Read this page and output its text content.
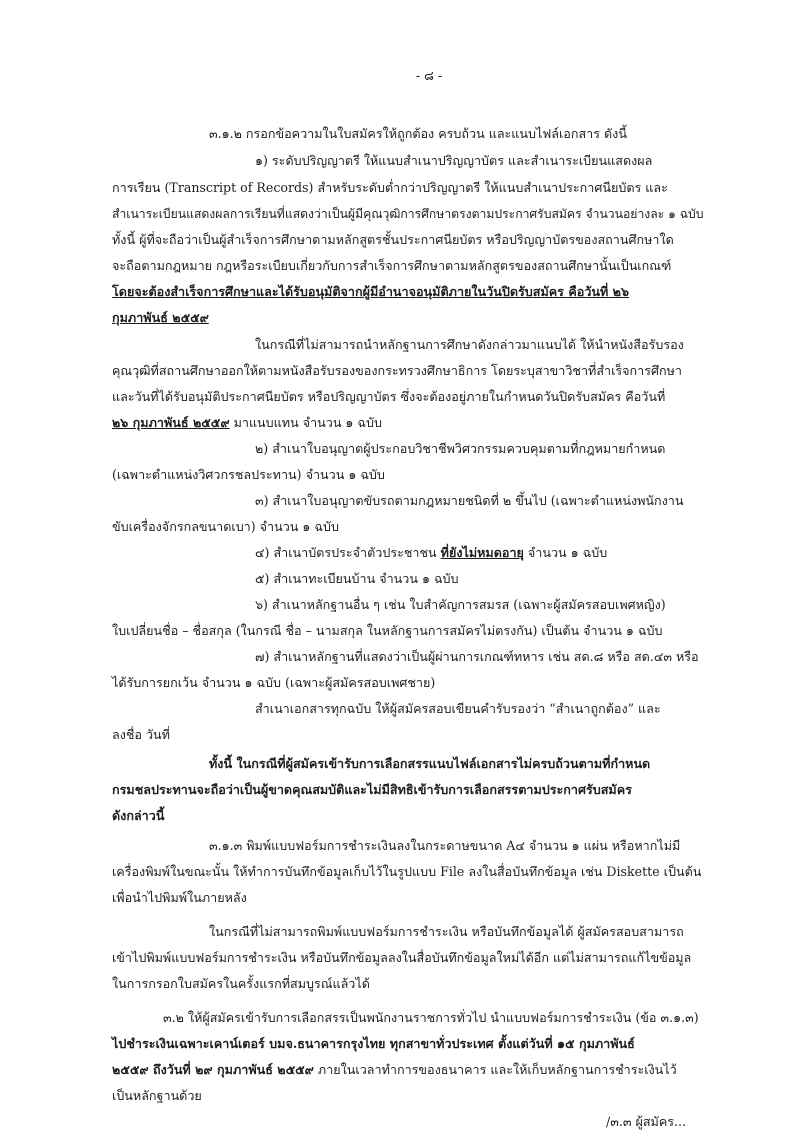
- ๘ -
๓.๑.๒ กรอกข้อความในใบสมัครให้ถูกต้อง ครบถ้วน และแนบไฟล์เอกสาร ดังนี้
๑) ระดับปริญญาตรี ให้แนบสำเนาปริญญาบัตร และสำเนาระเบียนแสดงผล
การเรียน (Transcript of Records) สำหรับระดับต่ำกว่าปริญญาตรี ให้แนบสำเนาประกาศนียบัตร และ
สำเนาระเบียนแสดงผลการเรียนที่แสดงว่าเป็นผู้มีคุณวุฒิการศึกษาตรงตามประกาศรับสมัคร จำนวนอย่างละ ๑ ฉบับ
ทั้งนี้ ผู้ที่จะถือว่าเป็นผู้สำเร็จการศึกษาตามหลักสูตรชั้นประกาศนียบัตร หรือปริญญาบัตรของสถานศึกษาใด
จะถือตามกฎหมาย กฎหรือระเบียบเกี่ยวกับการสำเร็จการศึกษาตามหลักสูตรของสถานศึกษานั้นเป็นเกณฑ์
โดยจะต้องสำเร็จการศึกษาและได้รับอนุมัติจากผู้มีอำนาจอนุมัติภายในวันปิดรับสมัคร คือวันที่ ๒๖
กุมภาพันธ์ ๒๕๕๙
ในกรณีที่ไม่สามารถนำหลักฐานการศึกษาดังกล่าวมาแนบได้ ให้นำหนังสือรับรอง
คุณวุฒิที่สถานศึกษาออกให้ตามหนังสือรับรองของกระทรวงศึกษาธิการ โดยระบุสาขาวิชาที่สำเร็จการศึกษา
และวันที่ได้รับอนุมัติประกาศนียบัตร หรือปริญญาบัตร ซึ่งจะต้องอยู่ภายในกำหนดวันปิดรับสมัคร คือวันที่
๒๖ กุมภาพันธ์ ๒๕๕๙ มาแนบแทน จำนวน ๑ ฉบับ
๒) สำเนาใบอนุญาตผู้ประกอบวิชาชีพวิศวกรรมควบคุมตามที่กฎหมายกำหนด
(เฉพาะตำแหน่งวิศวกรชลประทาน) จำนวน ๑ ฉบับ
๓) สำเนาใบอนุญาตขับรถตามกฎหมายชนิดที่ ๒ ขึ้นไป (เฉพาะตำแหน่งพนักงาน
ขับเครื่องจักรกลขนาดเบา) จำนวน ๑ ฉบับ
๔) สำเนาบัตรประจำตัวประชาชน ที่ยังไม่หมดอายุ จำนวน ๑ ฉบับ
๕) สำเนาทะเบียนบ้าน จำนวน ๑ ฉบับ
๖) สำเนาหลักฐานอื่น ๆ เช่น ใบสำคัญการสมรส (เฉพาะผู้สมัครสอบเพศหญิง)
ใบเปลี่ยนชื่อ – ชื่อสกุล (ในกรณี ชื่อ – นามสกุล ในหลักฐานการสมัครไม่ตรงกัน) เป็นต้น จำนวน ๑ ฉบับ
๗) สำเนาหลักฐานที่แสดงว่าเป็นผู้ผ่านการเกณฑ์ทหาร เช่น สด.๘ หรือ สด.๔๓ หรือ
ได้รับการยกเว้น จำนวน ๑ ฉบับ (เฉพาะผู้สมัครสอบเพศชาย)
สำเนาเอกสารทุกฉบับ ให้ผู้สมัครสอบเขียนคำรับรองว่า “สำเนาถูกต้อง” และ
ลงชื่อ วันที่
ทั้งนี้ ในกรณีที่ผู้สมัครเข้ารับการเลือกสรรแนบไฟล์เอกสารไม่ครบถ้วนตามที่กำหนด
กรมชลประทานจะถือว่าเป็นผู้ขาดคุณสมบัติและไม่มีสิทธิเข้ารับการเลือกสรรตามประกาศรับสมัคร
ดังกล่าวนี้
๓.๑.๓ พิมพ์แบบฟอร์มการชำระเงินลงในกระดาษขนาด A๔ จำนวน ๑ แผ่น หรือหากไม่มี
เครื่องพิมพ์ในขณะนั้น ให้ทำการบันทึกข้อมูลเก็บไว้ในรูปแบบ File ลงในสื่อบันทึกข้อมูล เช่น Diskette เป็นต้น
เพื่อนำไปพิมพ์ในภายหลัง
ในกรณีที่ไม่สามารถพิมพ์แบบฟอร์มการชำระเงิน หรือบันทึกข้อมูลได้ ผู้สมัครสอบสามารถ
เข้าไปพิมพ์แบบฟอร์มการชำระเงิน หรือบันทึกข้อมูลลงในสื่อบันทึกข้อมูลใหม่ได้อีก แต่ไม่สามารถแก้ไขข้อมูล
ในการกรอกใบสมัครในครั้งแรกที่สมบูรณ์แล้วได้
๓.๒ ให้ผู้สมัครเข้ารับการเลือกสรรเป็นพนักงานราชการทั่วไป นำแบบฟอร์มการชำระเงิน (ข้อ ๓.๑.๓)
ไปชำระเงินเฉพาะเคาน์เตอร์ บมจ.ธนาคารกรุงไทย ทุกสาขาทั่วประเทศ ตั้งแต่วันที่ ๑๕ กุมภาพันธ์
๒๕๕๙ ถึงวันที่ ๒๙ กุมภาพันธ์ ๒๕๕๙ ภายในเวลาทำการของธนาคาร และให้เก็บหลักฐานการชำระเงินไว้
เป็นหลักฐานด้วย
/๓.๓ ผู้สมัคร...
